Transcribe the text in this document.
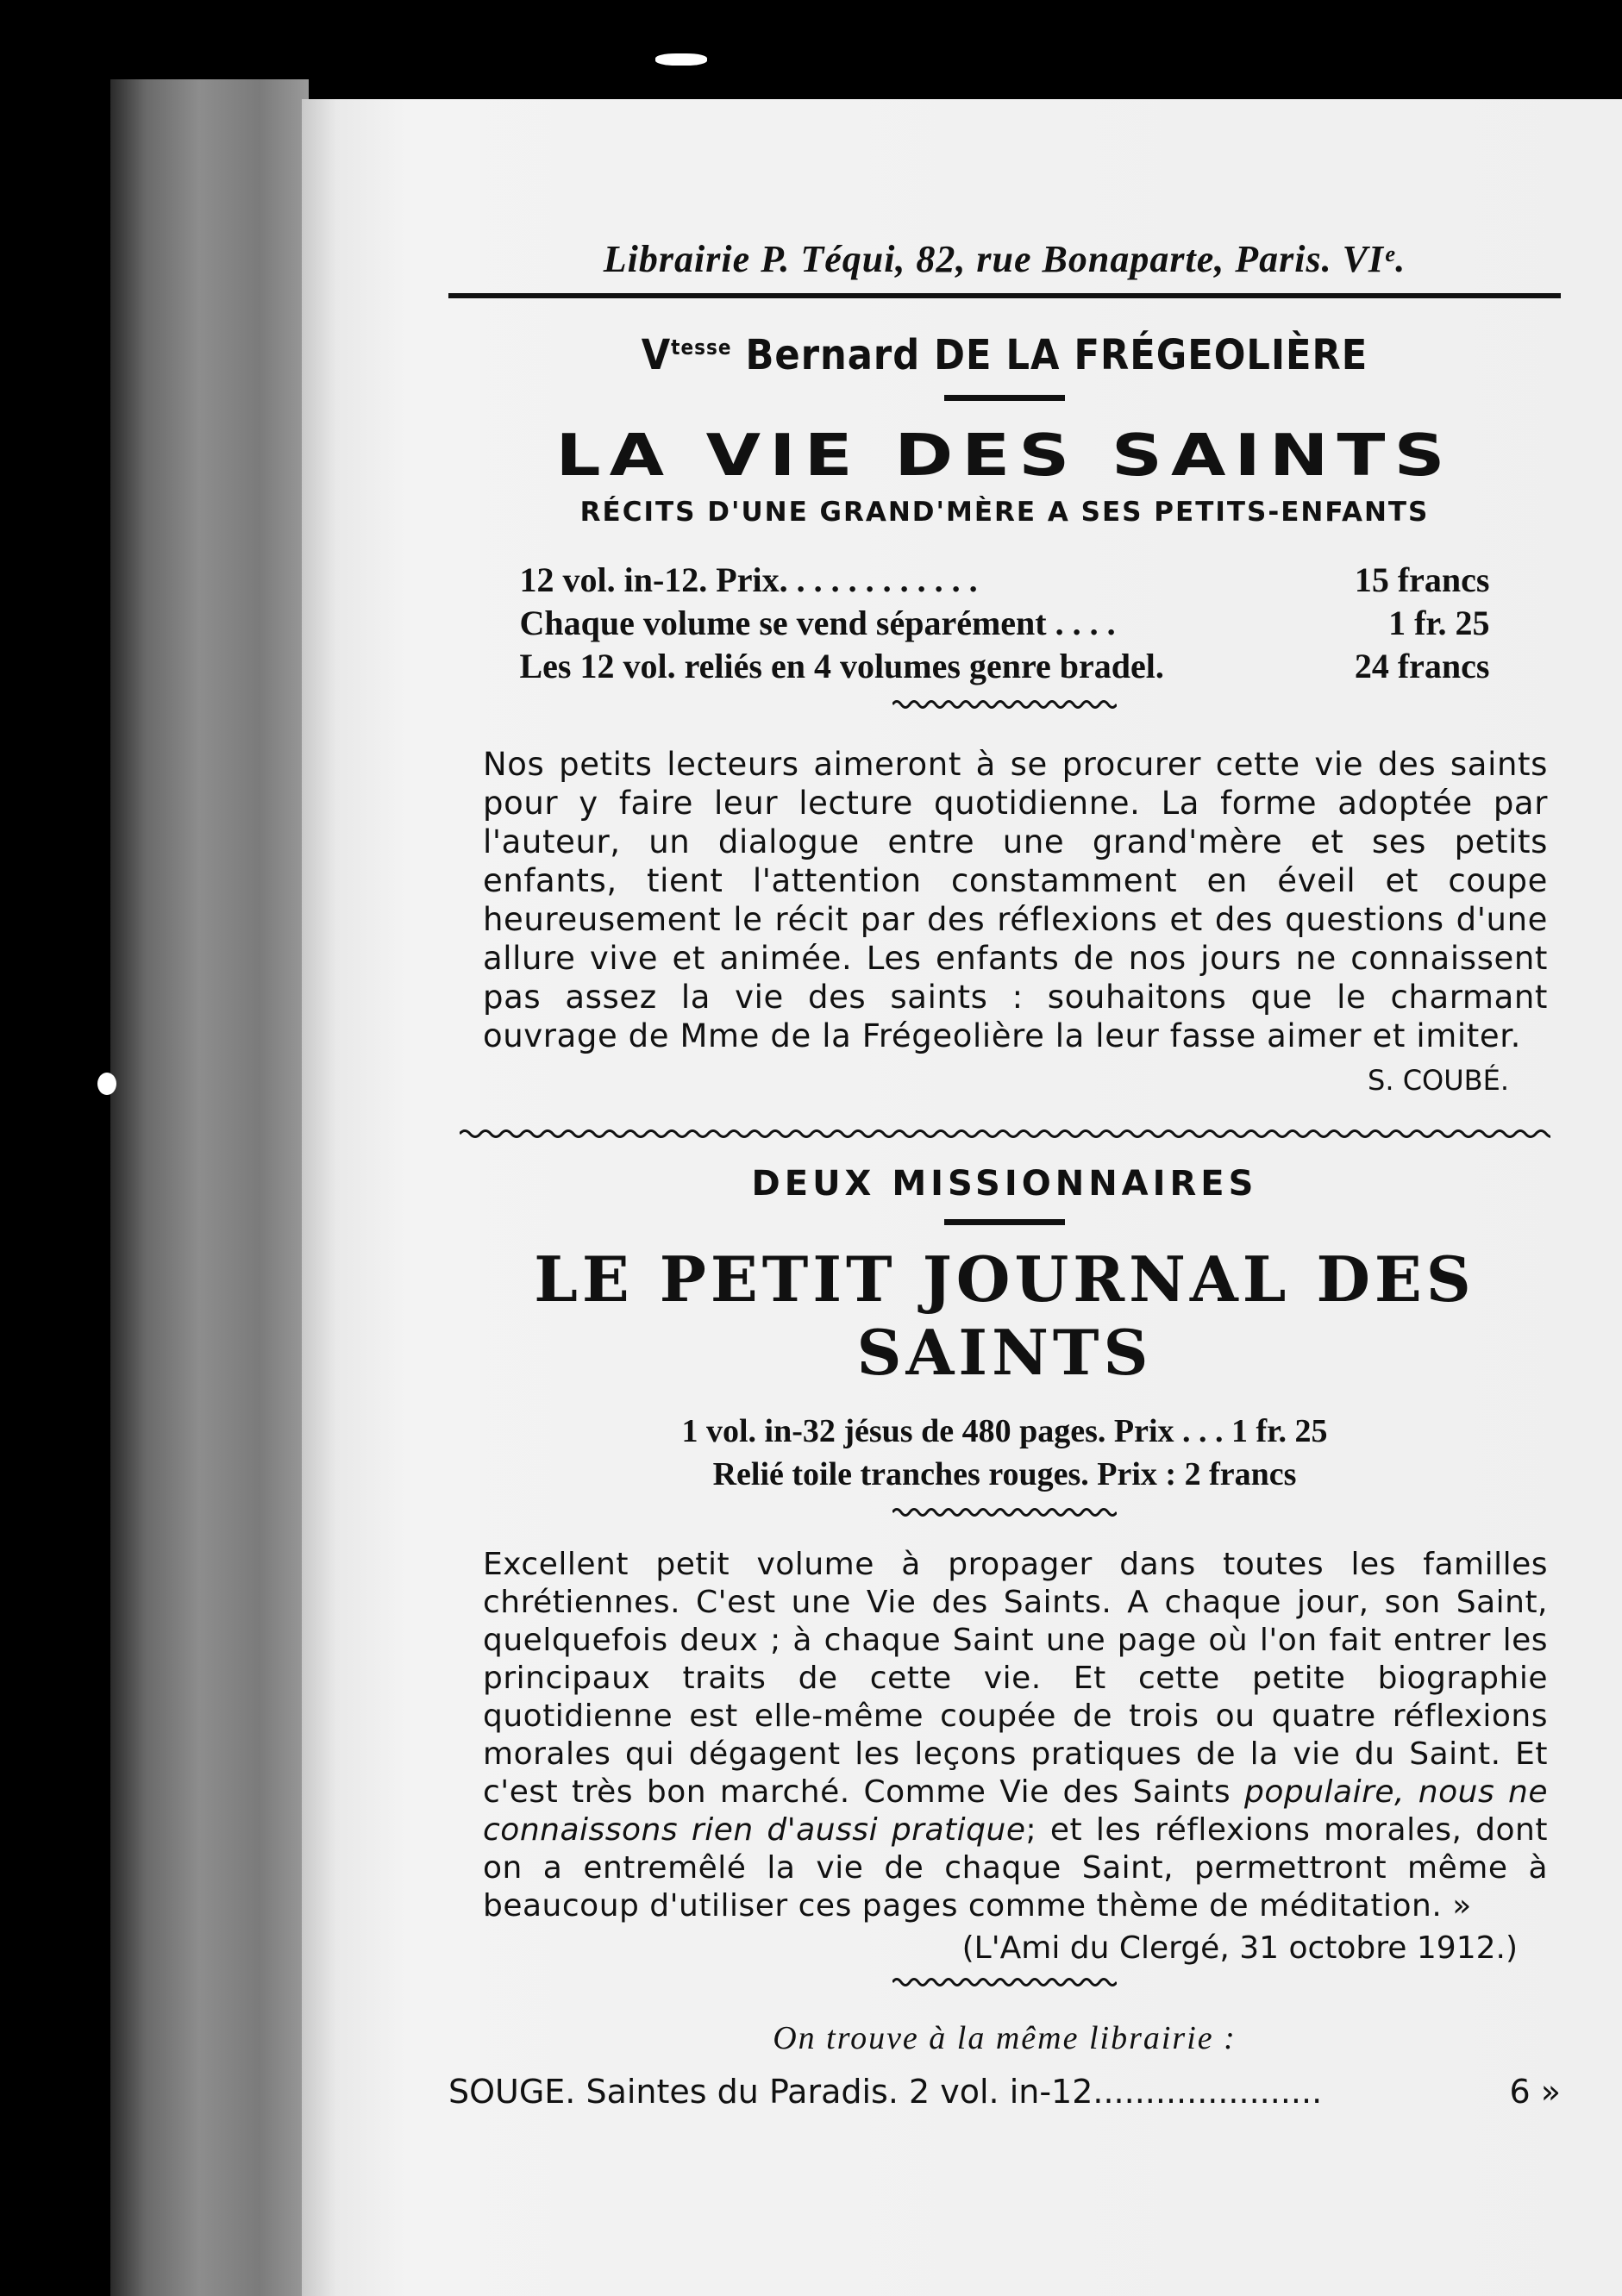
Librairie P. Téqui, 82, rue Bonaparte, Paris. VIᵉ.
$V^{tesse}$ Bernard DE LA FRÉGEOLIÈRE
LA VIE DES SAINTS
RÉCITS D'UNE GRAND'MÈRE A SES PETITS-ENFANTS
12 vol. in-12. Prix. . . . . . . . . . . .	15 francs
Chaque volume se vend séparément . . . .	1 fr. 25
Les 12 vol. reliés en 4 volumes genre bradel.	24 francs
Nos petits lecteurs aimeront à se procurer cette vie des saints pour y faire leur lecture quotidienne. La forme adoptée par l'auteur, un dialogue entre une grand'mère et ses petits enfants, tient l'attention constamment en éveil et coupe heureusement le récit par des réflexions et des questions d'une allure vive et animée. Les enfants de nos jours ne connaissent pas assez la vie des saints : souhaitons que le charmant ouvrage de Mme de la Frégeolière la leur fasse aimer et imiter.
S. COUBÉ.
DEUX MISSIONNAIRES
LE PETIT JOURNAL DES SAINTS
1 vol. in-32 jésus de 480 pages. Prix . . . 1 fr. 25
Relié toile tranches rouges. Prix : 2 francs
Excellent petit volume à propager dans toutes les familles chrétiennes. C'est une Vie des Saints. A chaque jour, son Saint, quelquefois deux ; à chaque Saint une page où l'on fait entrer les principaux traits de cette vie. Et cette petite biographie quotidienne est elle-même coupée de trois ou quatre réflexions morales qui dégagent les leçons pratiques de la vie du Saint. Et c'est très bon marché. Comme Vie des Saints populaire, nous ne connaissons rien d'aussi pratique; et les réflexions morales, dont on a entremêlé la vie de chaque Saint, permettront même à beaucoup d'utiliser ces pages comme thème de méditation. »
(L'Ami du Clergé, 31 octobre 1912.)
On trouve à la même librairie :
SOUGE. Saintes du Paradis. 2 vol. in-12......................	6 »
